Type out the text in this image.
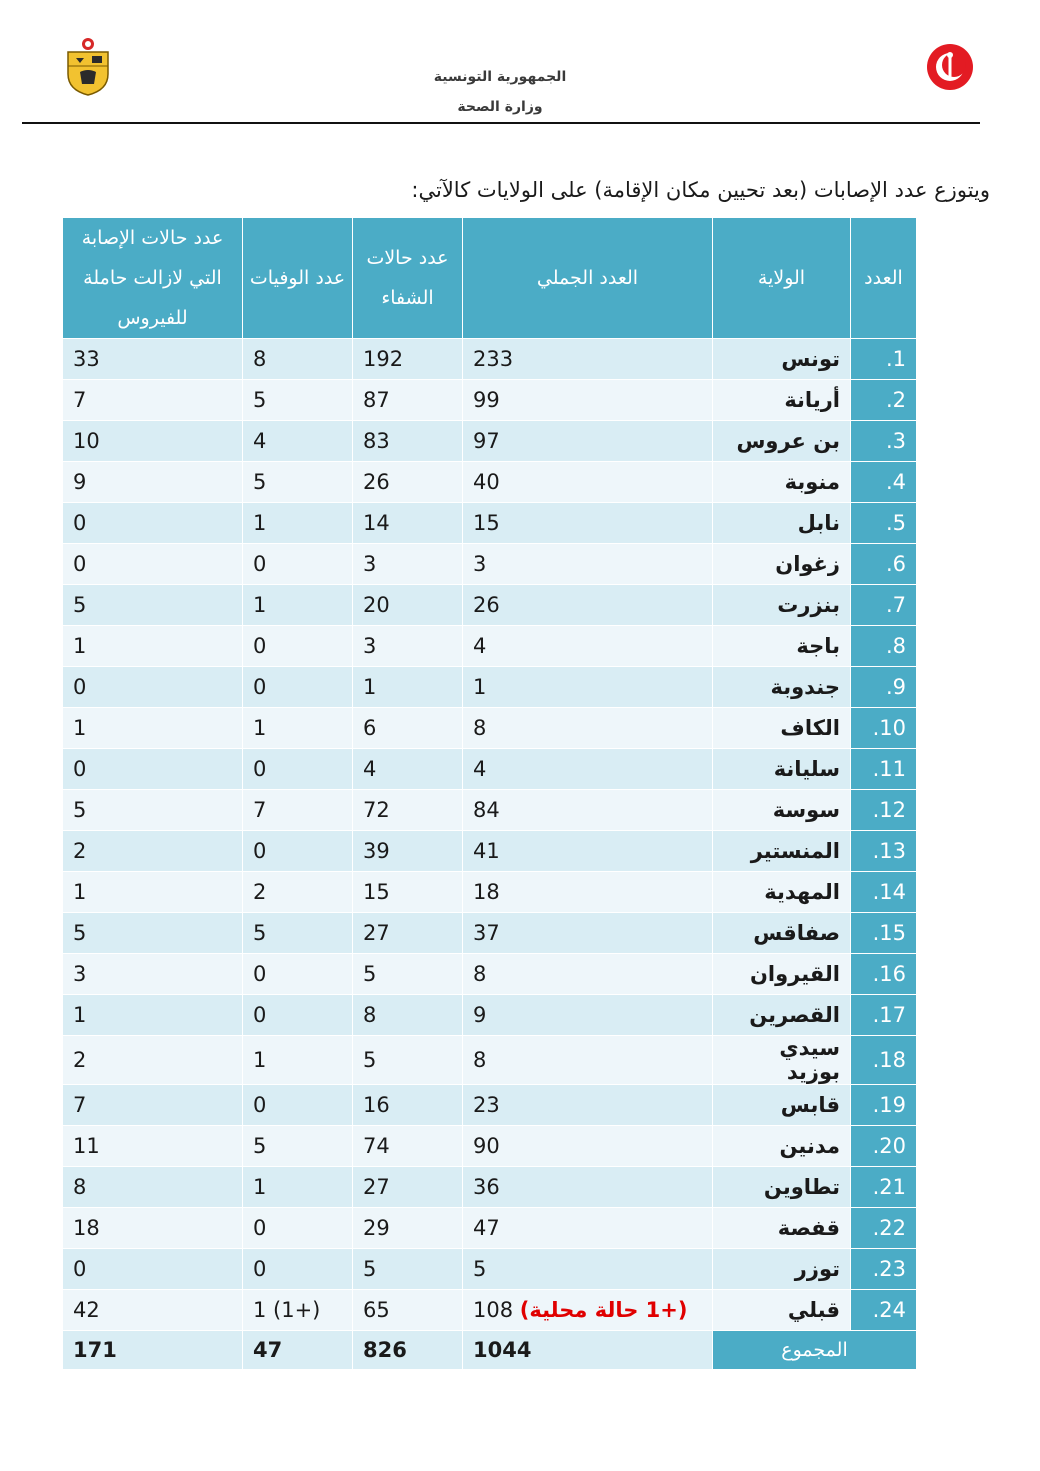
الجمهورية التونسية
وزارة الصحة
ويتوزع عدد الإصابات (بعد تحيين مكان الإقامة) على الولايات كالآتي:
العدد	الولاية	العدد الجملي	عدد حالات الشفاء	عدد الوفيات	عدد حالات الإصابة التي لازالت حاملة للفيروس
1.	تونس	233	192	8	33
2.	أريانة	99	87	5	7
3.	بن عروس	97	83	4	10
4.	منوبة	40	26	5	9
5.	نابل	15	14	1	0
6.	زغوان	3	3	0	0
7.	بنزرت	26	20	1	5
8.	باجة	4	3	0	1
9.	جندوبة	1	1	0	0
10.	الكاف	8	6	1	1
11.	سليانة	4	4	0	0
12.	سوسة	84	72	7	5
13.	المنستير	41	39	0	2
14.	المهدية	18	15	2	1
15.	صفاقس	37	27	5	5
16.	القيروان	8	5	0	3
17.	القصرين	9	8	0	1
18.	سيدي بوزيد	8	5	1	2
19.	قابس	23	16	0	7
20.	مدنين	90	74	5	11
21.	تطاوين	36	27	1	8
22.	قفصة	47	29	0	18
23.	توزر	5	5	0	0
24.	قبلي	108 (+1 حالة محلية)	65	1 (1+)	42
المجموع		1044	826	47	171
